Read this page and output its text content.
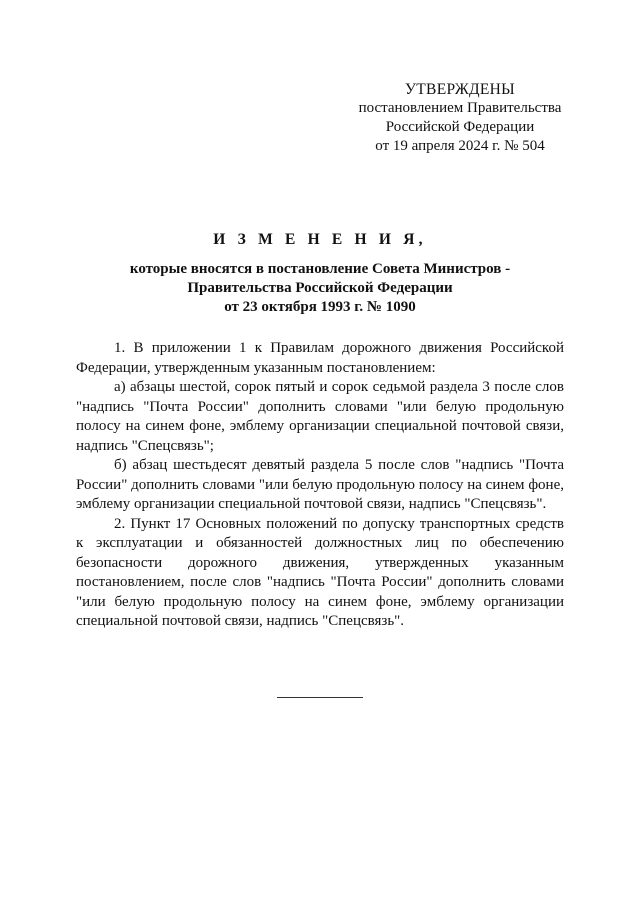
УТВЕРЖДЕНЫ
постановлением Правительства
Российской Федерации
от 19 апреля 2024 г. № 504
И З М Е Н Е Н И Я,
которые вносятся в постановление Совета Министров -
Правительства Российской Федерации
от 23 октября 1993 г. № 1090

1. В приложении 1 к Правилам дорожного движения Российской Федерации, утвержденным указанным постановлением:

а) абзацы шестой, сорок пятый и сорок седьмой раздела 3 после слов "надпись "Почта России" дополнить словами "или белую продольную полосу на синем фоне, эмблему организации специальной почтовой связи, надпись "Спецсвязь";

б) абзац шестьдесят девятый раздела 5 после слов "надпись "Почта России" дополнить словами "или белую продольную полосу на синем фоне, эмблему организации специальной почтовой связи, надпись "Спецсвязь".

2. Пункт 17 Основных положений по допуску транспортных средств к эксплуатации и обязанностей должностных лиц по обеспечению безопасности дорожного движения, утвержденных указанным постановлением, после слов "надпись "Почта России" дополнить словами "или белую продольную полосу на синем фоне, эмблему организации специальной почтовой связи, надпись "Спецсвязь".
